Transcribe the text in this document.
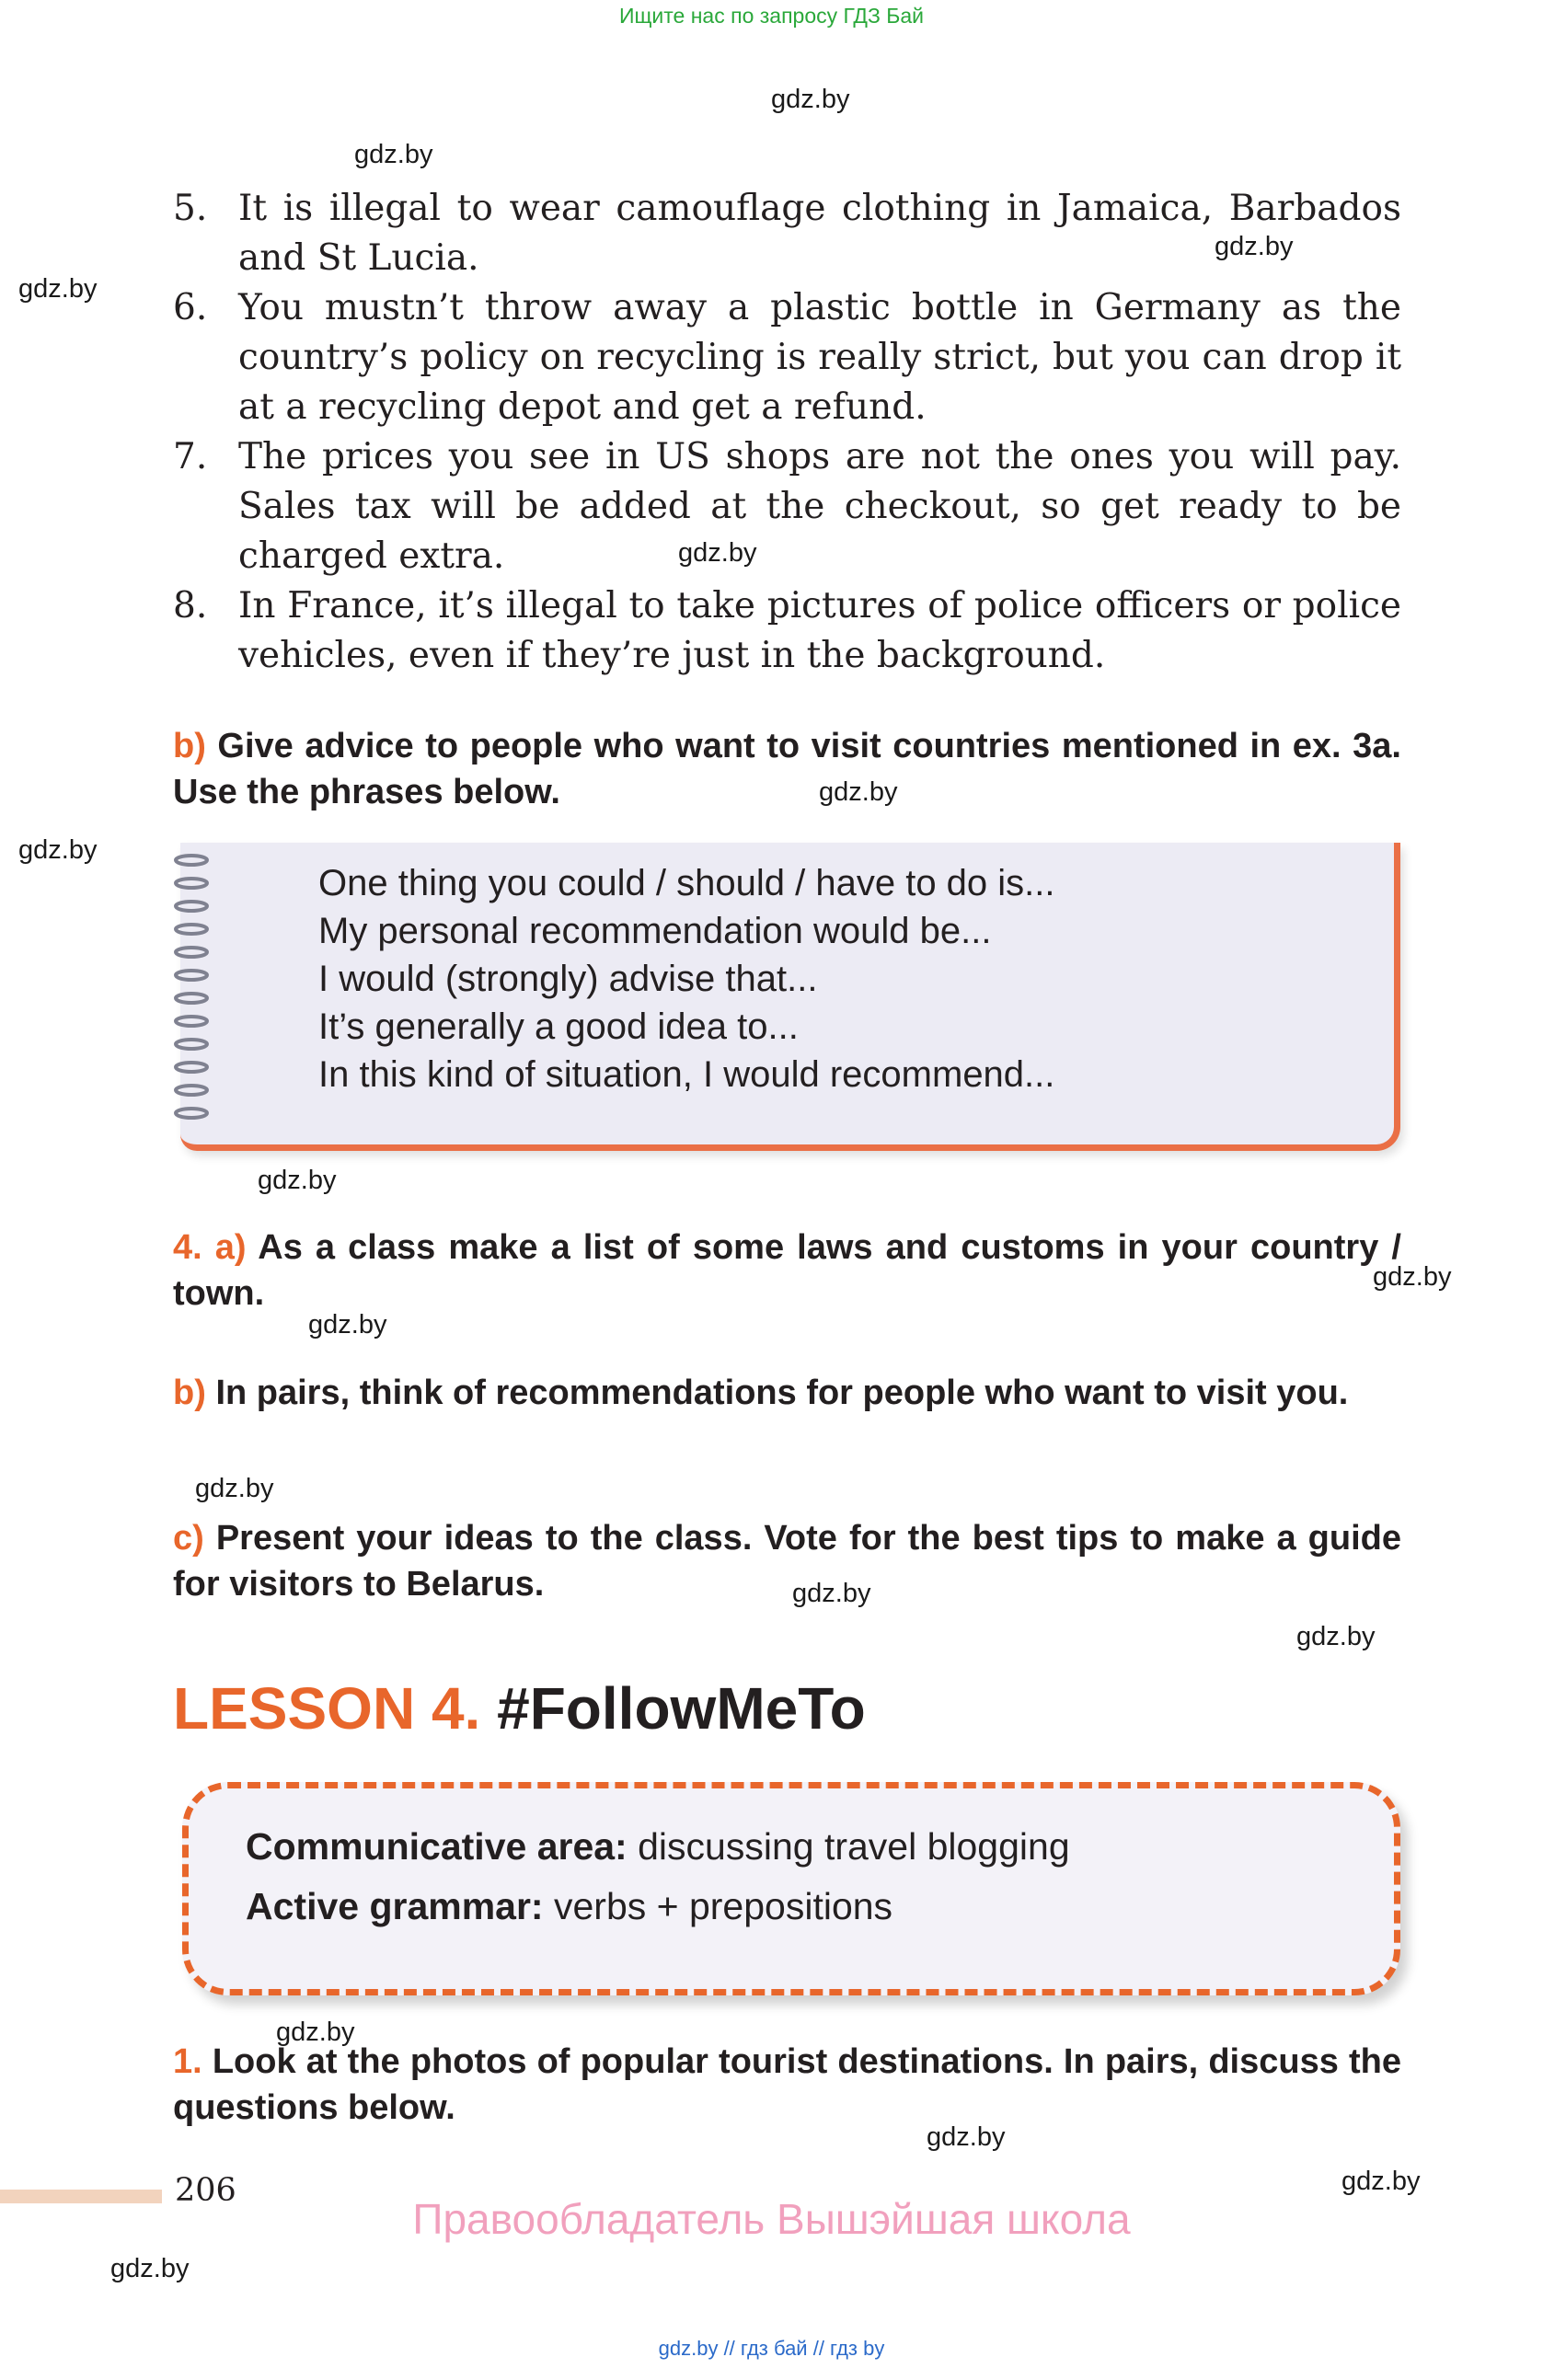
Ищите нас по запросу ГДЗ Бай
gdz.by
gdz.by
gdz.by
gdz.by
gdz.by
gdz.by
gdz.by
gdz.by
gdz.by
gdz.by
gdz.by
gdz.by
gdz.by
gdz.by
gdz.by
gdz.by
gdz.by
5. It is illegal to wear camouflage clothing in Jamaica, Barbados and St Lucia.
6. You mustn’t throw away a plastic bottle in Germany as the country’s policy on recycling is really strict, but you can drop it at a recycling depot and get a refund.
7. The prices you see in US shops are not the ones you will pay. Sales tax will be added at the checkout, so get ready to be charged extra.
8. In France, it’s illegal to take pictures of police officers or police vehicles, even if they’re just in the background.
b) Give advice to people who want to visit countries mentioned in ex. 3a. Use the phrases below.
One thing you could / should / have to do is...
My personal recommendation would be...
I would (strongly) advise that...
It’s generally a good idea to...
In this kind of situation, I would recommend...
4. a) As a class make a list of some laws and customs in your country / town.
b) In pairs, think of recommendations for people who want to visit you.
c) Present your ideas to the class. Vote for the best tips to make a guide for visitors to Belarus.
LESSON 4. #FollowMeTo
Communicative area: discussing travel blogging
Active grammar: verbs + prepositions
1. Look at the photos of popular tourist destinations. In pairs, discuss the questions below.
206
Правообладатель Вышэйшая школа
gdz.by // гдз бай // гдз by
